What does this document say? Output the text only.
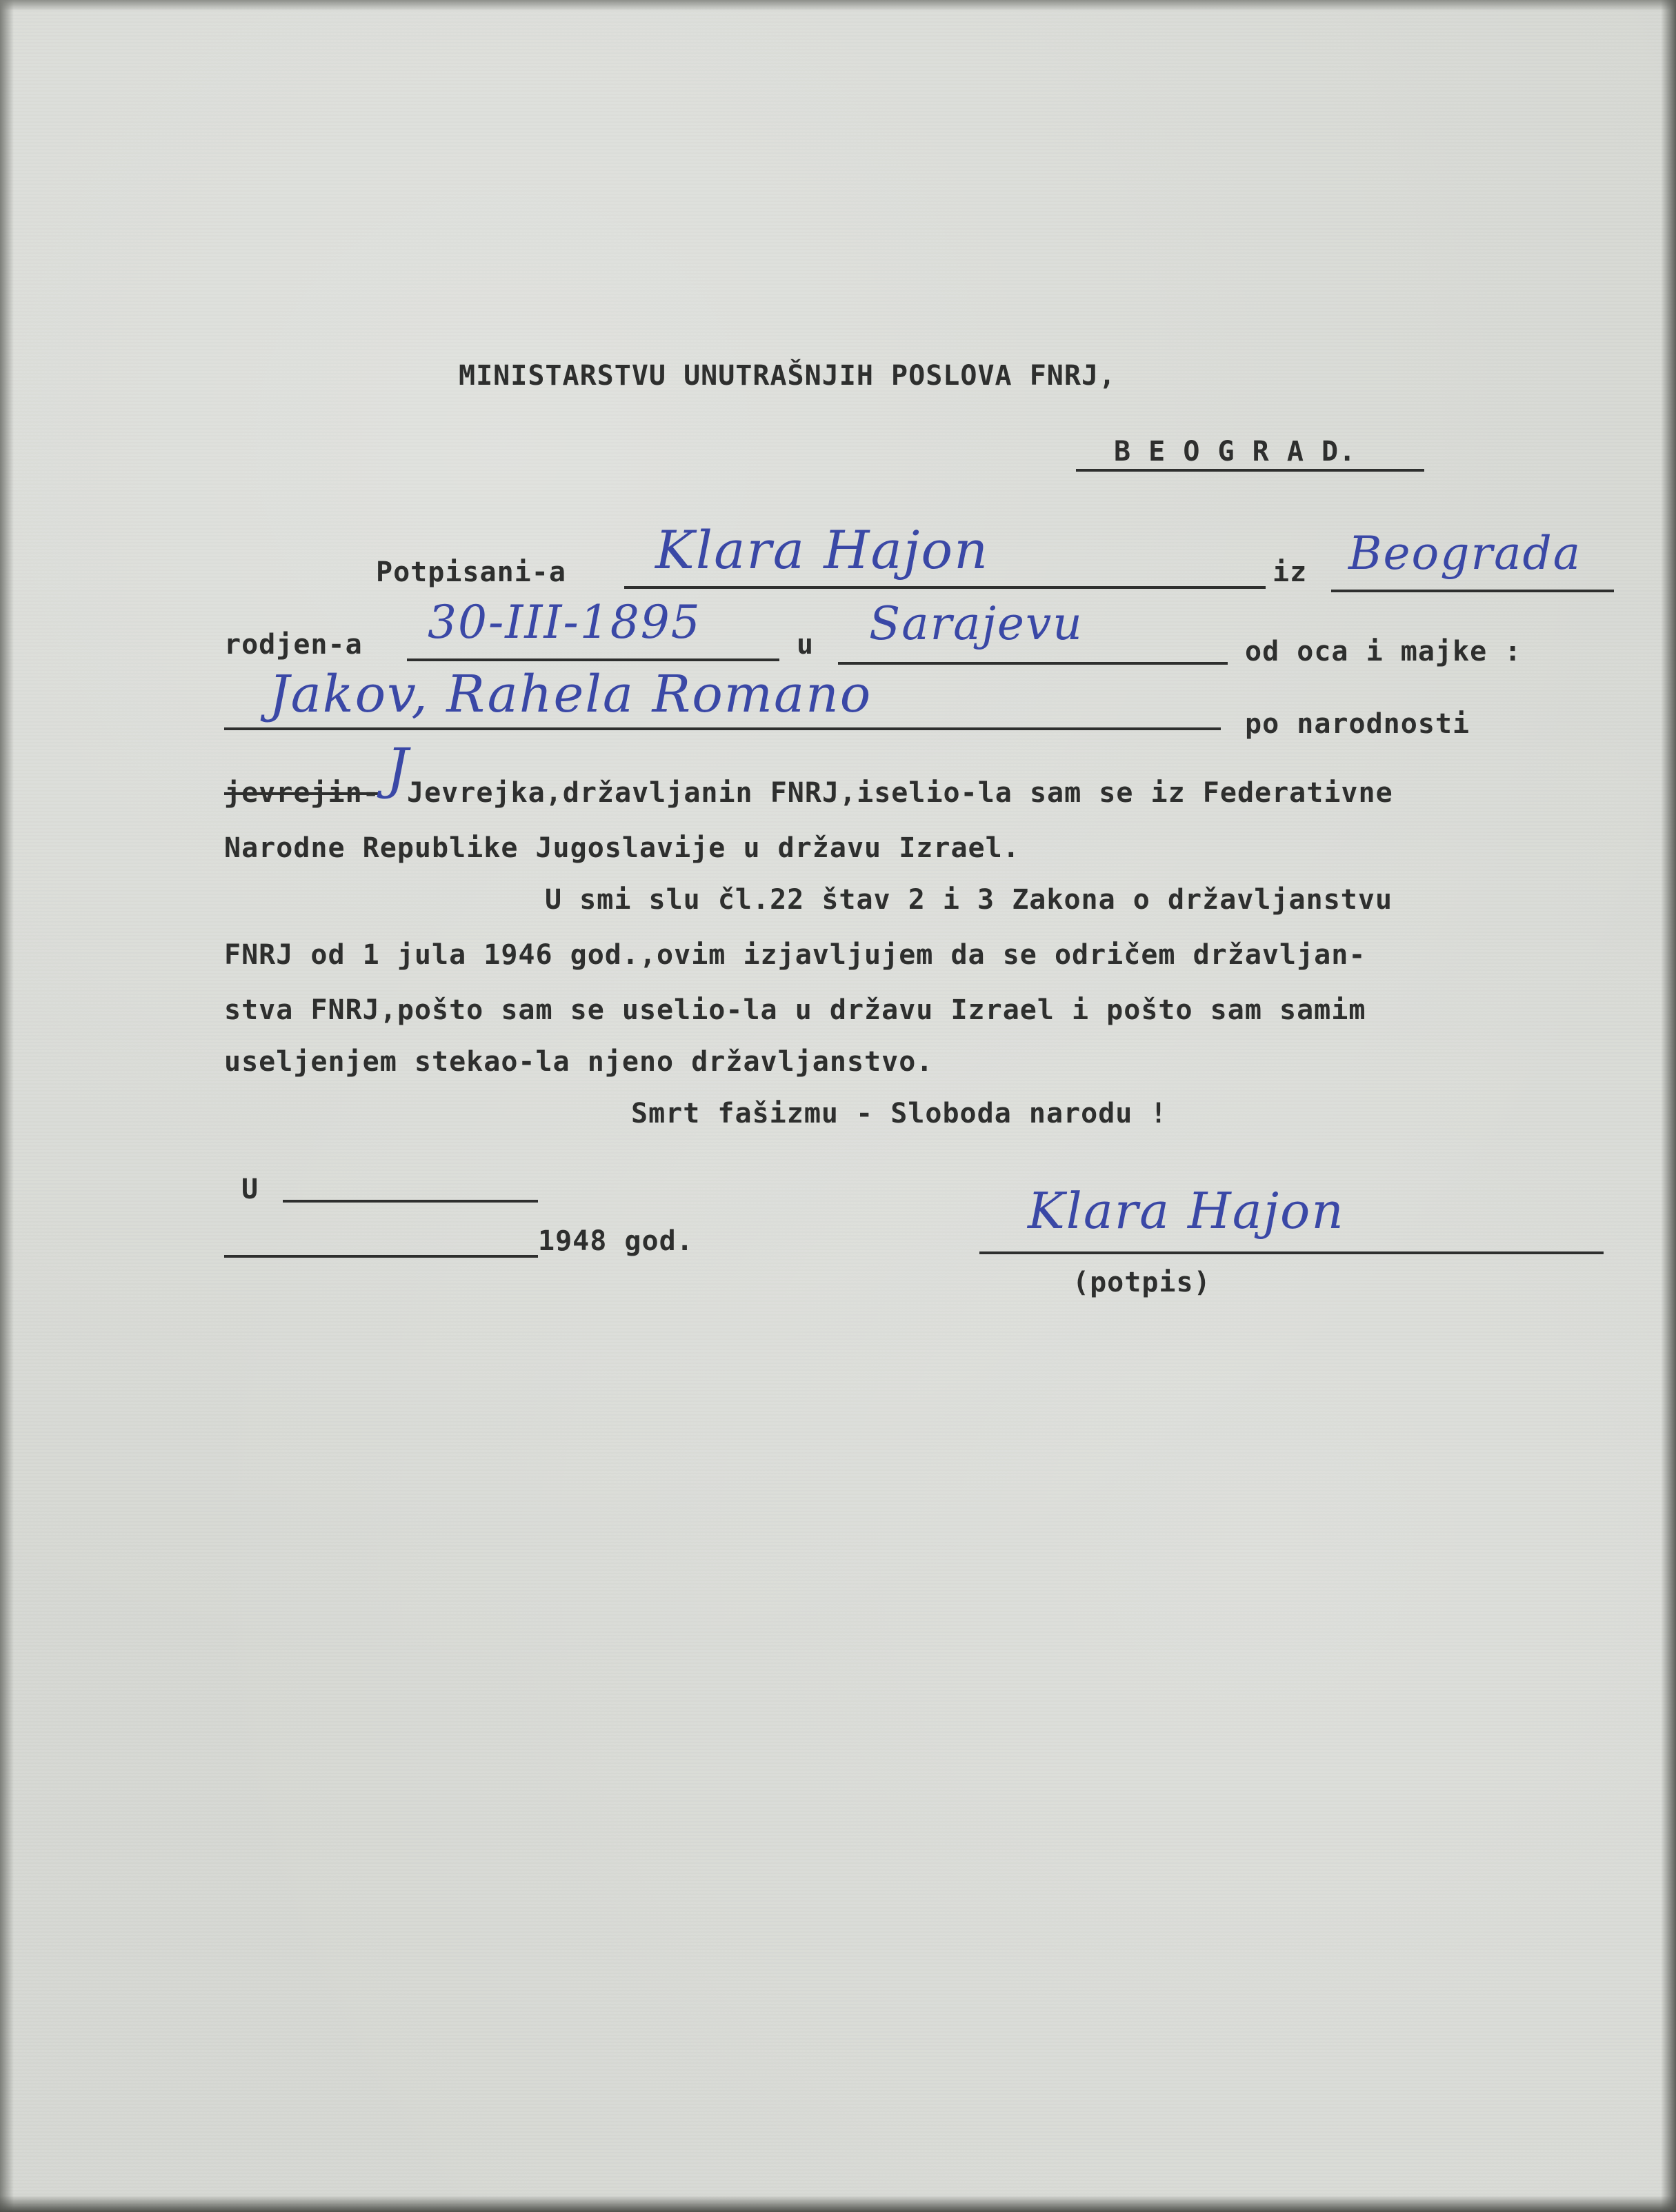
MINISTARSTVU UNUTRAŠNJIH POSLOVA FNRJ,
B E O G R A D.
Potpisani-a Klara Hajon	iz Beograda
rodjen-a 30-III-1895	u Sarajevu
od oca i majke :
Jakov, Rahela Romano	po narodnosti
jevrejin- J
Jevrejka,državljanin FNRJ,iselio-la sam se iz Federativne
Narodne Republike Jugoslavije u državu Izrael.
U smi slu čl.22 štav 2 i 3 Zakona o državljanstvu
FNRJ od 1 jula 1946 god.,ovim izjavljujem da se odričem državljan-
stva FNRJ,pošto sam se uselio-la u državu Izrael i pošto sam samim
useljenjem stekao-la njeno državljanstvo.
Smrt fašizmu - Sloboda narodu !
U
1948 god.
Klara Hajon
(potpis)
